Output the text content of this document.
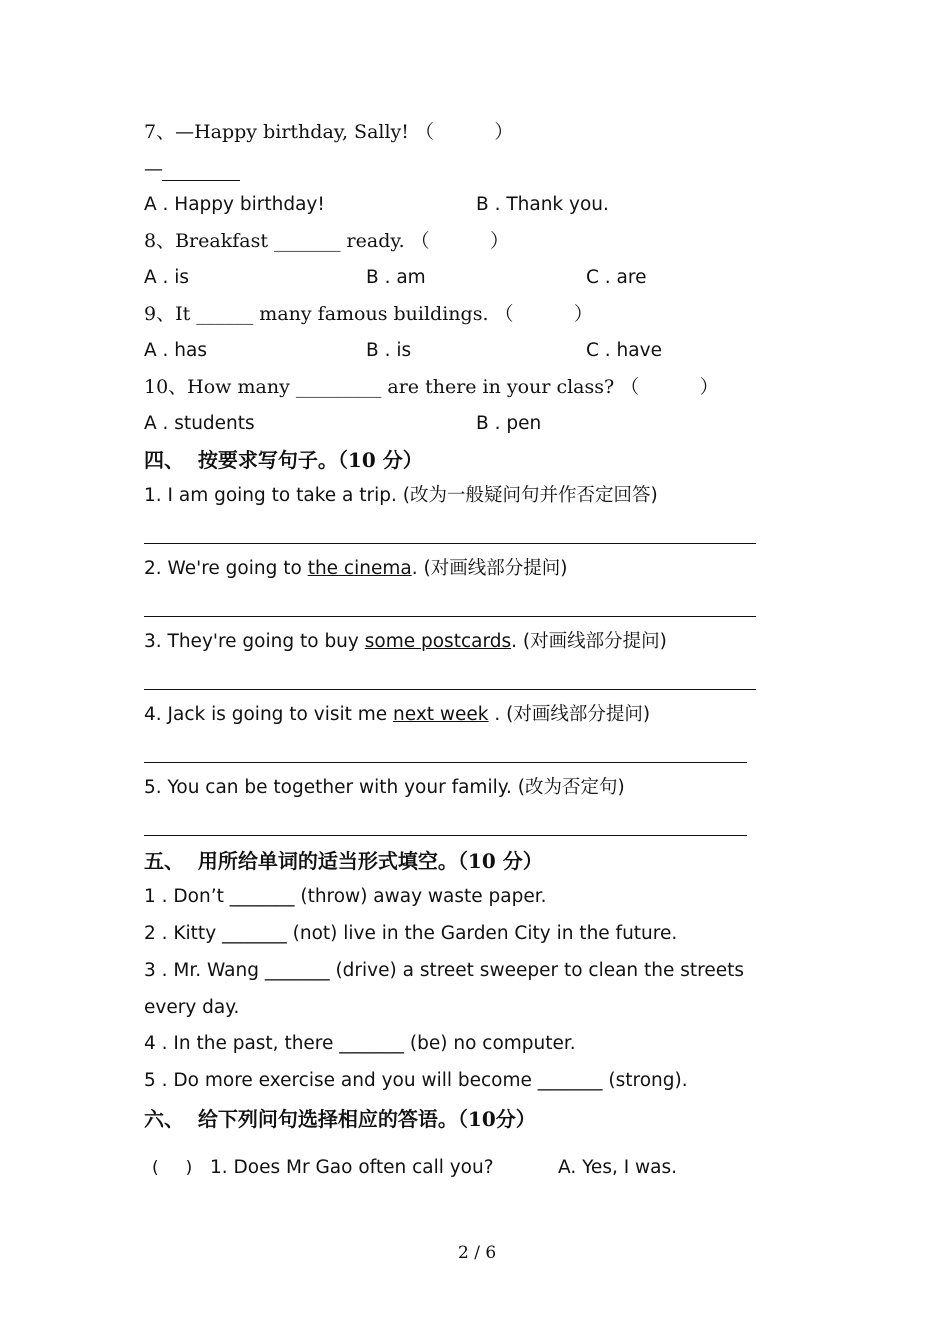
7、—Happy birthday, Sally! （          ）
—
A . Happy birthday!	B . Thank you.
8、Breakfast _______ ready. （          ）
A . is	B . am	C . are
9、It ______ many famous buildings. （          ）
A . has	B . is	C . have
10、How many _________ are there in your class? （          ）
A . students	B . pen
四、  按要求写句子。（10 分）
1. I am going to take a trip. (改为一般疑问句并作否定回答)
2. We're going to the cinema. (对画线部分提问)
3. They're going to buy some postcards. (对画线部分提问)
4. Jack is going to visit me next week . (对画线部分提问)
5. You can be together with your family. (改为否定句)
五、  用所给单词的适当形式填空。（10 分）
1 . Don’t _______ (throw) away waste paper.
2 . Kitty _______ (not) live in the Garden City in the future.
3 . Mr. Wang _______ (drive) a street sweeper to clean the streets
every day.
4 . In the past, there _______ (be) no computer.
5 . Do more exercise and you will become _______ (strong).
六、  给下列问句选择相应的答语。（10分）
(     ) 1. Does Mr Gao often call you?	A. Yes, I was.
2 / 6
